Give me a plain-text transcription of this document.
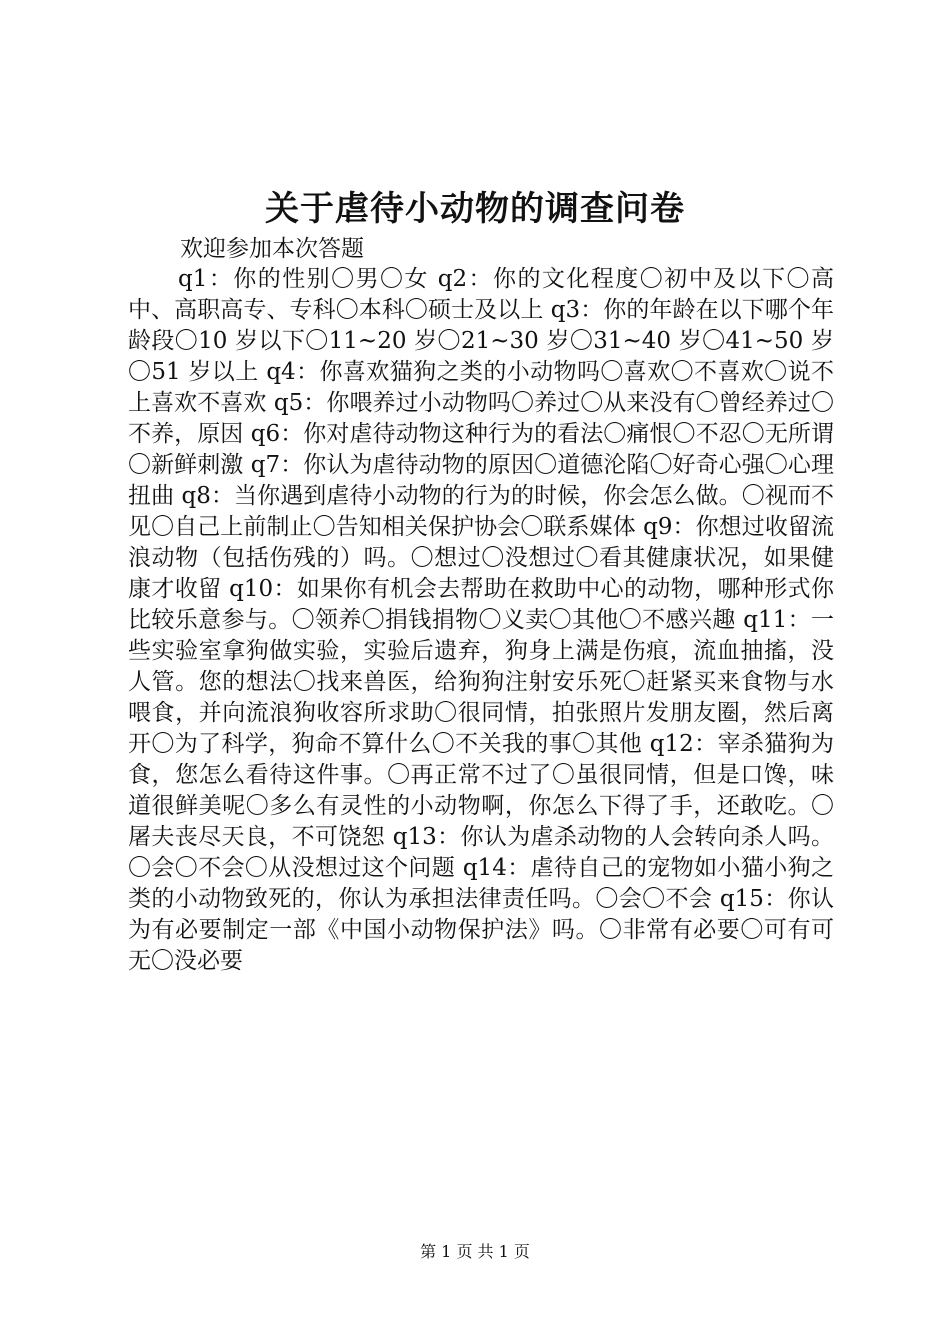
关于虐待小动物的调查问卷

欢迎参加本次答题

q1：你的性别〇男〇女 q2：你的文化程度〇初中及以下〇高中、高职高专、专科〇本科〇硕士及以上 q3：你的年龄在以下哪个年龄段〇10 岁以下〇11~20 岁〇21~30 岁〇31~40 岁〇41~50 岁〇51 岁以上 q4：你喜欢猫狗之类的小动物吗〇喜欢〇不喜欢〇说不上喜欢不喜欢 q5：你喂养过小动物吗〇养过〇从来没有〇曾经养过〇不养，原因 q6：你对虐待动物这种行为的看法〇痛恨〇不忍〇无所谓〇新鲜刺激 q7：你认为虐待动物的原因〇道德沦陷〇好奇心强〇心理扭曲 q8：当你遇到虐待小动物的行为的时候，你会怎么做。〇视而不见〇自己上前制止〇告知相关保护协会〇联系媒体 q9：你想过收留流浪动物（包括伤残的）吗。〇想过〇没想过〇看其健康状况，如果健康才收留 q10：如果你有机会去帮助在救助中心的动物，哪种形式你比较乐意参与。〇领养〇捐钱捐物〇义卖〇其他〇不感兴趣 q11：一些实验室拿狗做实验，实验后遗弃，狗身上满是伤痕，流血抽搐，没人管。您的想法〇找来兽医，给狗狗注射安乐死〇赶紧买来食物与水喂食，并向流浪狗收容所求助〇很同情，拍张照片发朋友圈，然后离开〇为了科学，狗命不算什么〇不关我的事〇其他 q12：宰杀猫狗为食，您怎么看待这件事。〇再正常不过了〇虽很同情，但是口馋，味道很鲜美呢〇多么有灵性的小动物啊，你怎么下得了手，还敢吃。〇屠夫丧尽天良，不可饶恕 q13：你认为虐杀动物的人会转向杀人吗。〇会〇不会〇从没想过这个问题 q14：虐待自己的宠物如小猫小狗之类的小动物致死的，你认为承担法律责任吗。〇会〇不会 q15：你认为有必要制定一部《中国小动物保护法》吗。〇非常有必要〇可有可无〇没必要

第 1 页 共 1 页
